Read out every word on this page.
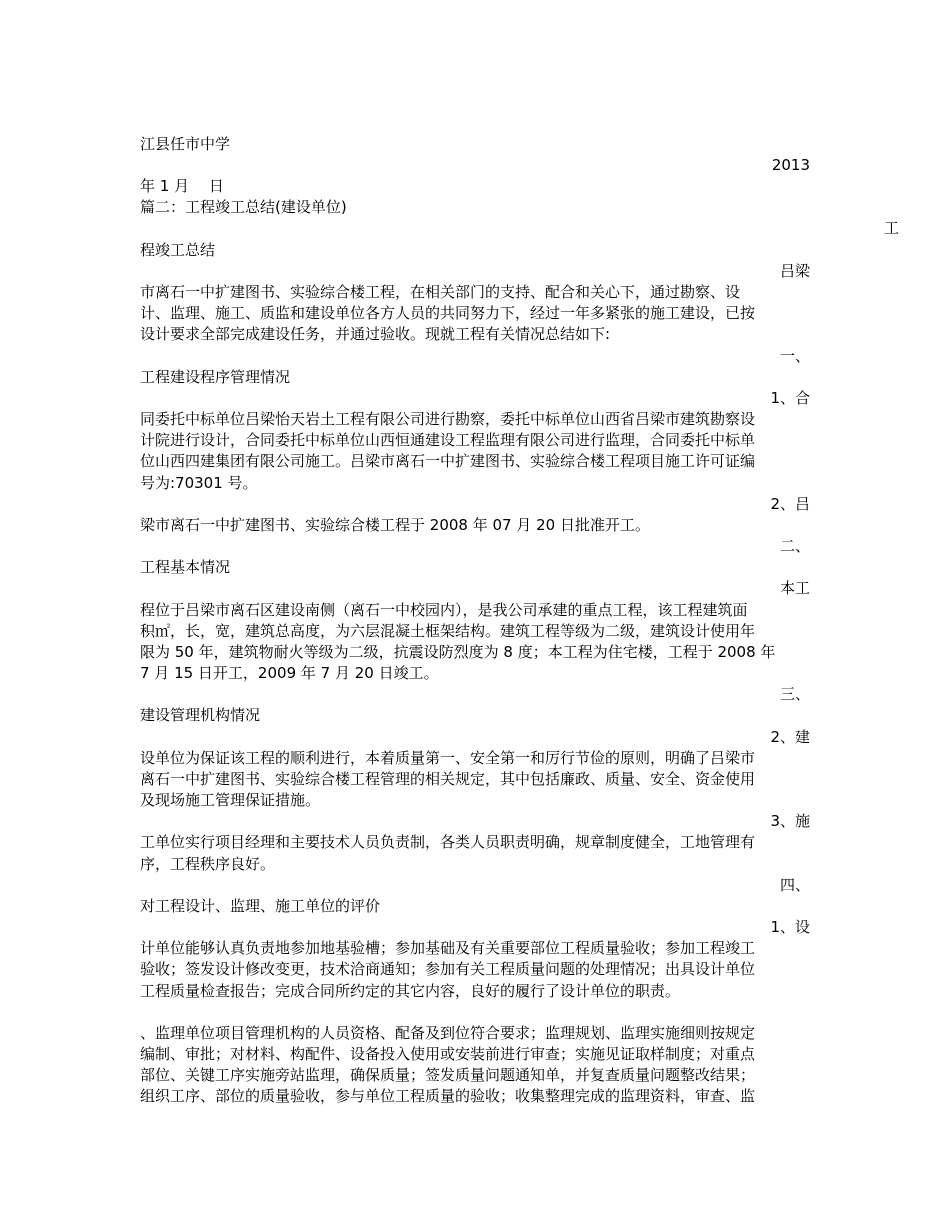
江县任市中学
2013
年 1 月　 日
篇二：工程竣工总结(建设单位)
工
程竣工总结
吕梁
市离石一中扩建图书、实验综合楼工程，在相关部门的支持、配合和关心下，通过勘察、设
计、监理、施工、质监和建设单位各方人员的共同努力下，经过一年多紧张的施工建设，已按
设计要求全部完成建设任务，并通过验收。现就工程有关情况总结如下:
一、
工程建设程序管理情况
1、合
同委托中标单位吕梁怡天岩土工程有限公司进行勘察，委托中标单位山西省吕梁市建筑勘察设
计院进行设计，合同委托中标单位山西恒通建设工程监理有限公司进行监理，合同委托中标单
位山西四建集团有限公司施工。吕梁市离石一中扩建图书、实验综合楼工程项目施工许可证编
号为:70301 号。
2、吕
梁市离石一中扩建图书、实验综合楼工程于 2008 年 07 月 20 日批准开工。
二、
工程基本情况
本工
程位于吕梁市离石区建设南侧（离石一中校园内），是我公司承建的重点工程，该工程建筑面
积㎡，长，宽，建筑总高度，为六层混凝土框架结构。建筑工程等级为二级，建筑设计使用年
限为 50 年，建筑物耐火等级为二级，抗震设防烈度为 8 度；本工程为住宅楼，工程于 2008 年
7 月 15 日开工，2009 年 7 月 20 日竣工。
三、
建设管理机构情况
2、建
设单位为保证该工程的顺利进行，本着质量第一、安全第一和厉行节俭的原则，明确了吕梁市
离石一中扩建图书、实验综合楼工程管理的相关规定，其中包括廉政、质量、安全、资金使用
及现场施工管理保证措施。
3、施
工单位实行项目经理和主要技术人员负责制，各类人员职责明确，规章制度健全，工地管理有
序，工程秩序良好。
四、
对工程设计、监理、施工单位的评价
1、设
计单位能够认真负责地参加地基验槽；参加基础及有关重要部位工程质量验收；参加工程竣工
验收；签发设计修改变更，技术洽商通知；参加有关工程质量问题的处理情况；出具设计单位
工程质量检查报告；完成合同所约定的其它内容，良好的履行了设计单位的职责。
、监理单位项目管理机构的人员资格、配备及到位符合要求；监理规划、监理实施细则按规定
编制、审批；对材料、构配件、设备投入使用或安装前进行审查；实施见证取样制度；对重点
部位、关键工序实施旁站监理，确保质量；签发质量问题通知单，并复查质量问题整改结果；
组织工序、部位的质量验收，参与单位工程质量的验收；收集整理完成的监理资料，审查、监
